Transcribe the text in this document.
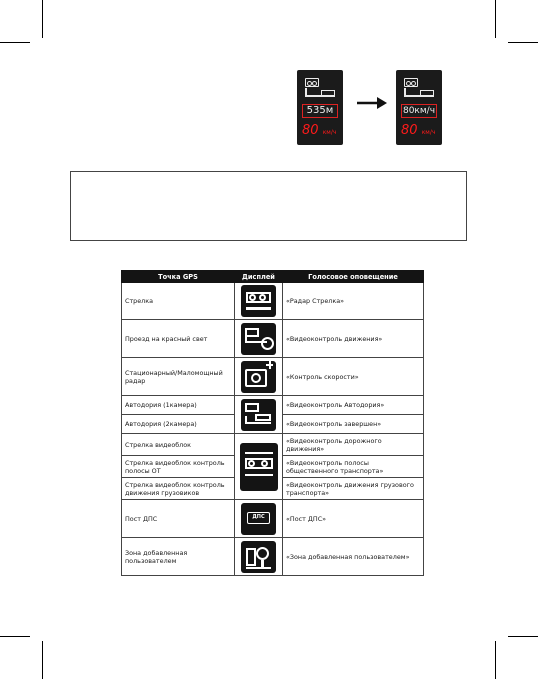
535м
80 км/ч
80км/ч
80 км/ч
Точка GPS	Дисплей	Голосовое оповещение
Стрелка		«Радар Стрелка»
Проезд на красный свет		«Видеоконтроль движения»
Стационарный/Маломощный радар		«Контроль скорости»
Автодория (1камера)		«Видеоконтроль Автодория»
Автодория (2камера)		«Видеоконтроль завершен»
Стрелка видеоблок		«Видеоконтроль дорожного движения»
Стрелка видеоблок контроль полосы ОТ		«Видеоконтроль полосы общественного транспорта»
Стрелка видеоблок контроль движения грузовиков		«Видеоконтроль движения грузового транспорта»
Пост ДПС	ДПС	«Пост ДПС»
Зона добавленная пользователем		«Зона добавленная пользователем»
